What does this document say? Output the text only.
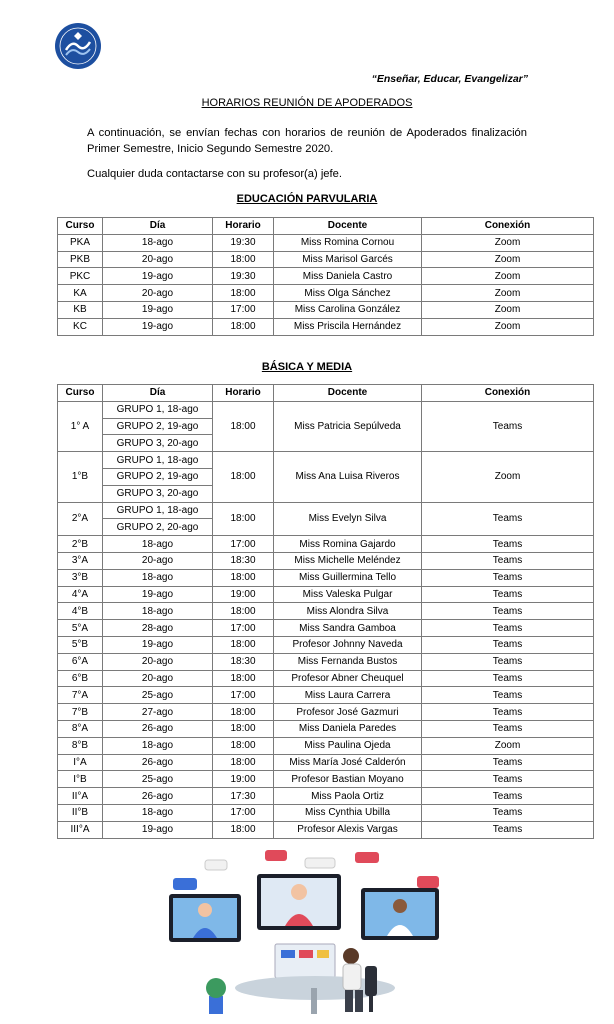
“Enseñar, Educar, Evangelizar”
HORARIOS REUNIÓN DE APODERADOS
A continuación, se envían fechas con horarios de reunión de Apoderados finalización Primer Semestre, Inicio Segundo Semestre 2020.
Cualquier duda contactarse con su profesor(a) jefe.
EDUCACIÓN PARVULARIA
Curso	Día	Horario	Docente	Conexión
PKA	18-ago	19:30	Miss Romina Cornou	Zoom
PKB	20-ago	18:00	Miss Marisol Garcés	Zoom
PKC	19-ago	19:30	Miss Daniela Castro	Zoom
KA	20-ago	18:00	Miss Olga Sánchez	Zoom
KB	19-ago	17:00	Miss Carolina González	Zoom
KC	19-ago	18:00	Miss Priscila Hernández	Zoom
BÁSICA Y MEDIA
Curso	Día	Horario	Docente	Conexión
1° A	GRUPO 1, 18-ago	18:00	Miss Patricia Sepúlveda	Teams
	GRUPO 2, 19-ago			
	GRUPO 3, 20-ago			
1°B	GRUPO 1, 18-ago	18:00	Miss Ana Luisa Riveros	Zoom
	GRUPO 2, 19-ago			
	GRUPO 3, 20-ago			
2°A	GRUPO 1, 18-ago	18:00	Miss Evelyn Silva	Teams
	GRUPO 2, 20-ago			
2°B	18-ago	17:00	Miss Romina Gajardo	Teams
3°A	20-ago	18:30	Miss Michelle Meléndez	Teams
3°B	18-ago	18:00	Miss Guillermina Tello	Teams
4°A	19-ago	19:00	Miss Valeska Pulgar	Teams
4°B	18-ago	18:00	Miss Alondra Silva	Teams
5°A	28-ago	17:00	Miss Sandra Gamboa	Teams
5°B	19-ago	18:00	Profesor Johnny Naveda	Teams
6°A	20-ago	18:30	Miss Fernanda Bustos	Teams
6°B	20-ago	18:00	Profesor Abner Cheuquel	Teams
7°A	25-ago	17:00	Miss Laura Carrera	Teams
7°B	27-ago	18:00	Profesor José Gazmuri	Teams
8°A	26-ago	18:00	Miss Daniela Paredes	Teams
8°B	18-ago	18:00	Miss Paulina Ojeda	Zoom
I°A	26-ago	18:00	Miss María José Calderón	Teams
I°B	25-ago	19:00	Profesor Bastian Moyano	Teams
II°A	26-ago	17:30	Miss Paola Ortiz	Teams
II°B	18-ago	17:00	Miss Cynthia Ubilla	Teams
III°A	19-ago	18:00	Profesor Alexis Vargas	Teams
